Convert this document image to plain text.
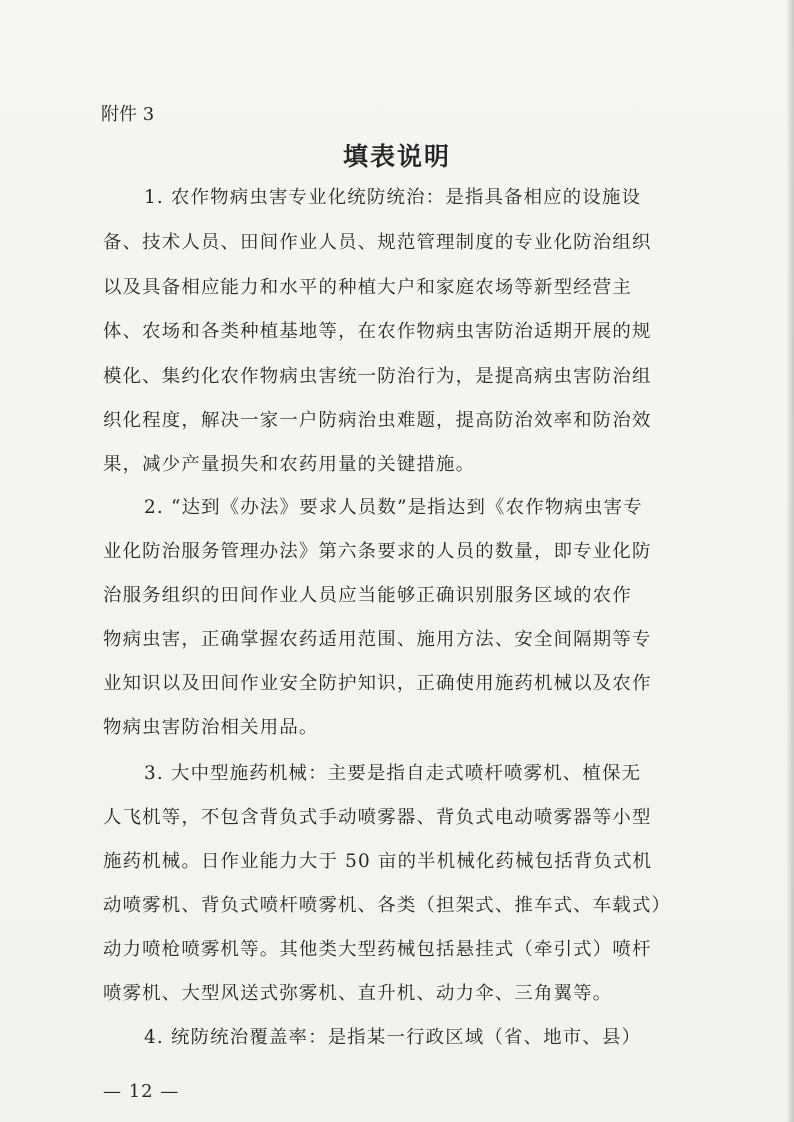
附件 3
填表说明
1. 农作物病虫害专业化统防统治：是指具备相应的设施设
备、技术人员、田间作业人员、规范管理制度的专业化防治组织
以及具备相应能力和水平的种植大户和家庭农场等新型经营主
体、农场和各类种植基地等，在农作物病虫害防治适期开展的规
模化、集约化农作物病虫害统一防治行为，是提高病虫害防治组
织化程度，解决一家一户防病治虫难题，提高防治效率和防治效
果，减少产量损失和农药用量的关键措施。
2. “达到《办法》要求人员数”是指达到《农作物病虫害专
业化防治服务管理办法》第六条要求的人员的数量，即专业化防
治服务组织的田间作业人员应当能够正确识别服务区域的农作
物病虫害，正确掌握农药适用范围、施用方法、安全间隔期等专
业知识以及田间作业安全防护知识，正确使用施药机械以及农作
物病虫害防治相关用品。
3. 大中型施药机械：主要是指自走式喷杆喷雾机、植保无
人飞机等，不包含背负式手动喷雾器、背负式电动喷雾器等小型
施药机械。日作业能力大于 50 亩的半机械化药械包括背负式机
动喷雾机、背负式喷杆喷雾机、各类（担架式、推车式、车载式）
动力喷枪喷雾机等。其他类大型药械包括悬挂式（牵引式）喷杆
喷雾机、大型风送式弥雾机、直升机、动力伞、三角翼等。
4. 统防统治覆盖率：是指某一行政区域（省、地市、县）
— 12 —
